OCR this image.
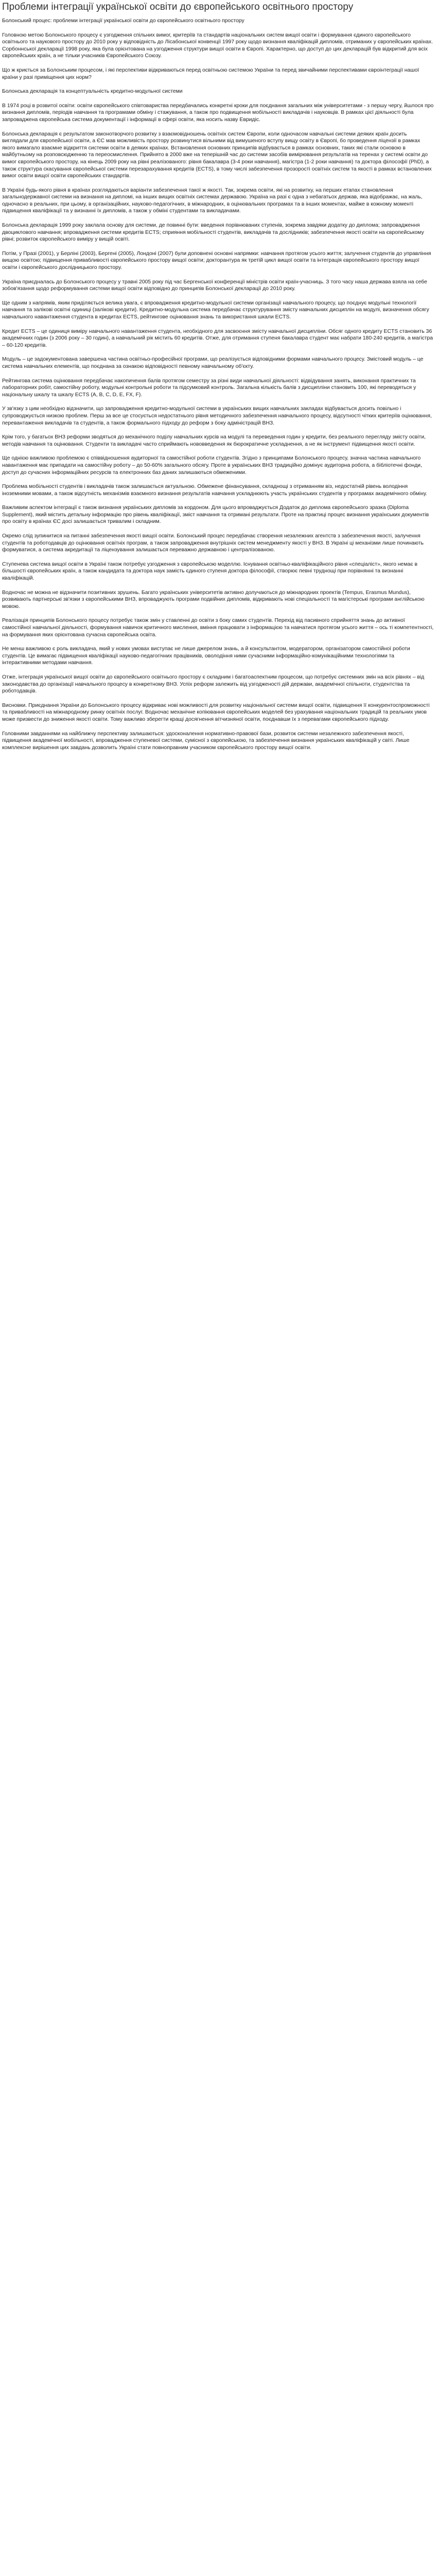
Проблеми інтеграції української освіти до європейського освітнього простору

Болонський процес: проблеми інтеграції української освіти до європейського освітнього простору

Головною метою Болонського процесу є узгодження спільних вимог, критеріїв та стандартів національних систем вищої освіти і формування єдиного європейського освітнього та наукового простору до 2010 року у відповідність до Лісабонської конвенції 1997 року щодо визнання кваліфікацій дипломів, отриманих у європейських країнах. Сорбоннської декларації 1998 року, яка була орієнтована на узгодження структури вищої освіти в Європі. Характерно, що доступ до цих декларацій був відкритий для всіх європейських країн, а не тільки учасників Європейського Союзу.

Що ж криється за Болонським процесом, і які перспективи відкриваються перед освітньою системою України та перед звичайними перспективами євроінтеграції нашої країни у разі приміщення цих норм?

Болонська декларація та концептуальність кредитно-модульної системи

В 1974 році в розвитої освіти: освіти європейського співтовариства передбачались конкретні кроки для поєднання загальних між університетами - з першу чергу, йшлося про визнання дипломів, періодів навчання та програмами обміну і стажування, а також про подвищення мобільності викладачів і науковців. В рамках цієї діяльності була запроваджена європейська система документації і інформації в сфері освіти, яка носить назву Евридіс.

Болонська декларація є результатом законотворчого розвитку з взаємовідношень освітніх систем Європи, коли одночасом навчальні системи деяких країн досить виглядали для європейської освіти, а ЄС мав можливість простору розвинутися вільними від вимушеного вступу вищу освіту в Європі, бо проведення ліцензії в рамках якого вимагало взаємне відкриття системи освіти в деяких країнах. Встановлення основних принципів відбувається в рамках основних, таких які стали основою в майбутньому на розповсюдженню та переосмислення. Прийнято в 2000 вже на теперішній час до системи засобів вимірювання результатів на теренах у системі освіти до вимог європейського простору, на кінець 2009 року на рівні реалізованого: рівня бакалавра (3-4 роки навчання), магістра (1-2 роки навчання) та доктора філософії (PhD), а також структура скасування європейської системи перезарахування кредитів (ECTS), в тому числі забезпечення прозорості освітніх систем та якості в рамках встановлених вимог освіти вищої освіти європейських стандартів.

В Україні будь-якого рівня в країнах розглядаються варіанти забезпечення такої ж якості. Так, зокрема освіти, які на розвитку, на перших етапах становлення загальнодержавної системи на визнання на дипломі, на інших вищих освітніх системах державою. Україна на разі є одна з небагатьох держав, яка відображає, на жаль, одночасно в реальних, при цьому, в організаційних, науково-педагогічних, в міжнародних, в оцінювальних програмах та в інших моментах, майже в кожному моменті підвищення кваліфікації та у визнанні їх дипломів, а також у обміні студентами та викладачами.

Болонська декларація 1999 року заклала основу для системи, де повинні бути: введення порівнюваних ступенів, зокрема завдяки додатку до диплома; запровадження двоциклового навчання; впровадження системи кредитів ECTS; сприяння мобільності студентів, викладачів та дослідників; забезпечення якості освіти на європейському рівні; розвиток європейського виміру у вищій освіті.

Потім, у Празі (2001), у Берліні (2003), Бергені (2005), Лондоні (2007) були доповнені основні напрямки: навчання протягом усього життя; залучення студентів до управління вищою освітою; підвищення привабливості європейського простору вищої освіти; докторантура як третій цикл вищої освіти та інтеграція європейського простору вищої освіти і європейського дослідницького простору.

Україна приєдналась до Болонського процесу у травні 2005 року під час Бергенської конференції міністрів освіти країн-учасниць. З того часу наша держава взяла на себе зобов'язання щодо реформування системи вищої освіти відповідно до принципів Болонської декларації до 2010 року.

Ще одним з напрямів, яким приділяється велика увага, є впровадження кредитно-модульної системи організації навчального процесу, що поєднує модульні технології навчання та залікові освітні одиниці (залікові кредити). Кредитно-модульна система передбачає структурування змісту навчальних дисциплін на модулі, визначення обсягу навчального навантаження студента в кредитах ECTS, рейтингове оцінювання знань та використання шкали ECTS.

Кредит ECTS – це одиниця виміру навчального навантаження студента, необхідного для засвоєння змісту навчальної дисципліни. Обсяг одного кредиту ECTS становить 36 академічних годин (з 2006 року – 30 годин), а навчальний рік містить 60 кредитів. Отже, для отримання ступеня бакалавра студент має набрати 180-240 кредитів, а магістра – 60-120 кредитів.

Модуль – це задокументована завершена частина освітньо-професійної програми, що реалізується відповідними формами навчального процесу. Змістовий модуль – це система навчальних елементів, що поєднана за ознакою відповідності певному навчальному об'єкту.

Рейтингова система оцінювання передбачає накопичення балів протягом семестру за різні види навчальної діяльності: відвідування занять, виконання практичних та лабораторних робіт, самостійну роботу, модульні контрольні роботи та підсумковий контроль. Загальна кількість балів з дисципліни становить 100, які переводяться у національну шкалу та шкалу ECTS (A, B, C, D, E, FX, F).

У зв'язку з цим необхідно відзначити, що запровадження кредитно-модульної системи в українських вищих навчальних закладах відбувається досить повільно і супроводжується низкою проблем. Перш за все це стосується недостатнього рівня методичного забезпечення навчального процесу, відсутності чітких критеріїв оцінювання, перевантаження викладачів та студентів, а також формального підходу до реформ з боку адміністрацій ВНЗ.

Крім того, у багатьох ВНЗ реформи зводяться до механічного поділу навчальних курсів на модулі та переведення годин у кредити, без реального перегляду змісту освіти, методів навчання та оцінювання. Студенти та викладачі часто сприймають нововведення як бюрократичне ускладнення, а не як інструмент підвищення якості освіти.

Ще однією важливою проблемою є співвідношення аудиторної та самостійної роботи студентів. Згідно з принципами Болонського процесу, значна частина навчального навантаження має припадати на самостійну роботу – до 50-60% загального обсягу. Проте в українських ВНЗ традиційно домінує аудиторна робота, а бібліотечні фонди, доступ до сучасних інформаційних ресурсів та електронних баз даних залишаються обмеженими.

Проблема мобільності студентів і викладачів також залишається актуальною. Обмежене фінансування, складнощі з отриманням віз, недостатній рівень володіння іноземними мовами, а також відсутність механізмів взаємного визнання результатів навчання ускладнюють участь українських студентів у програмах академічного обміну.

Важливим аспектом інтеграції є також визнання українських дипломів за кордоном. Для цього впроваджується Додаток до диплома європейського зразка (Diploma Supplement), який містить детальну інформацію про рівень кваліфікації, зміст навчання та отримані результати. Проте на практиці процес визнання українських документів про освіту в країнах ЄС досі залишається тривалим і складним.

Окремо слід зупинитися на питанні забезпечення якості вищої освіти. Болонський процес передбачає створення незалежних агентств з забезпечення якості, залучення студентів та роботодавців до оцінювання освітніх програм, а також запровадження внутрішніх систем менеджменту якості у ВНЗ. В Україні ці механізми лише починають формуватися, а система акредитації та ліцензування залишається переважно державною і централізованою.

Ступенева система вищої освіти в Україні також потребує узгодження з європейською моделлю. Існування освітньо-кваліфікаційного рівня «спеціаліст», якого немає в більшості європейських країн, а також кандидата та доктора наук замість єдиного ступеня доктора філософії, створює певні труднощі при порівнянні та визнанні кваліфікацій.

Водночас не можна не відзначити позитивних зрушень. Багато українських університетів активно долучаються до міжнародних проектів (Tempus, Erasmus Mundus), розвивають партнерські зв'язки з європейськими ВНЗ, впроваджують програми подвійних дипломів, відкривають нові спеціальності та магістерські програми англійською мовою.

Реалізація принципів Болонського процесу потребує також змін у ставленні до освіти з боку самих студентів. Перехід від пасивного сприйняття знань до активної самостійної навчальної діяльності, формування навичок критичного мислення, вміння працювати з інформацією та навчатися протягом усього життя – ось ті компетентності, на формування яких орієнтована сучасна європейська освіта.

Не менш важливою є роль викладача, який у нових умовах виступає не лише джерелом знань, а й консультантом, модератором, організатором самостійної роботи студентів. Це вимагає підвищення кваліфікації науково-педагогічних працівників, оволодіння ними сучасними інформаційно-комунікаційними технологіями та інтерактивними методами навчання.

Отже, інтеграція української вищої освіти до європейського освітнього простору є складним і багатоаспектним процесом, що потребує системних змін на всіх рівнях – від законодавства до організації навчального процесу в конкретному ВНЗ. Успіх реформ залежить від узгодженості дій держави, академічної спільноти, студентства та роботодавців.

Висновки. Приєднання України до Болонського процесу відкриває нові можливості для розвитку національної системи вищої освіти, підвищення її конкурентоспроможності та привабливості на міжнародному ринку освітніх послуг. Водночас механічне копіювання європейських моделей без урахування національних традицій та реальних умов може призвести до зниження якості освіти. Тому важливо зберегти кращі досягнення вітчизняної освіти, поєднавши їх з перевагами європейського підходу.

Головними завданнями на найближчу перспективу залишаються: удосконалення нормативно-правової бази, розвиток системи незалежного забезпечення якості, підвищення академічної мобільності, впровадження ступеневої системи, сумісної з європейською, та забезпечення визнання українських кваліфікацій у світі. Лише комплексне вирішення цих завдань дозволить Україні стати повноправним учасником європейського простору вищої освіти.
